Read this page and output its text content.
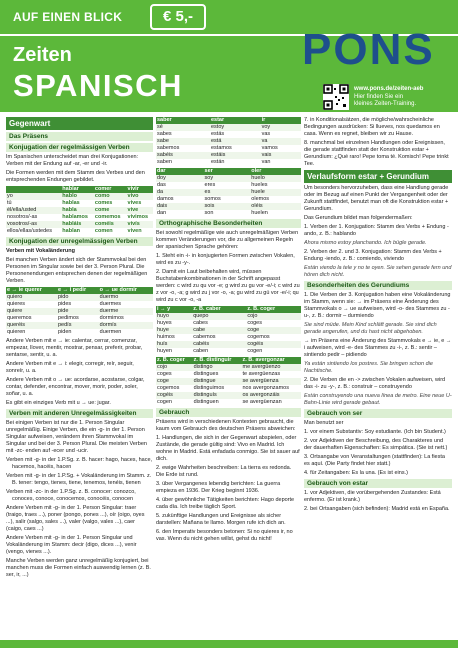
AUF EINEN BLICK	€ 5,-
Zeiten
SPANISCH
PONS
www.pons.de/zeiten-aeb
Hier finden Sie ein
kleines Zeiten-Training.
Gegenwart
Das Präsens
Konjugation der regelmässigen Verben
Im Spanischen unterscheidet man drei Konjugationen: Verben mit der Endung auf -ar, -er und -ir.
Die Formen werden mit dem Stamm des Verbes und den entsprechenden Endungen gebildet.
	hablar	comer	vivir
yo	hablo	como	vivo
tú	hablas	comes	vives
él/ella/usted	habla	come	vive
nosotros/-as	hablamos	comemos	vivimos
vosotros/-as	habláis	coméis	vivís
ellos/ellas/ustedes	hablan	comen	viven
Konjugation der unregelmässigen Verben
Verben mit Vokaländerung
Bei manchen Verben ändert sich der Stammvokal bei den Personen im Singular sowie bei der 3. Person Plural. Die Personenendungen entsprechen denen der regelmäßigen Verben.
e → ie querer	e → i pedir	o → ue dormir
quiero	pido	duermo
quieres	pides	duermes
quiere	pide	duerme
queremos	pedimos	dormimos
queréis	pedís	dormís
quieren	piden	duermen
Andere Verben mit e → ie: calentar, cerrar, comenzar, empezar, llover, mentir, mostrar, pensar, preferir, probar, sentarse, sentir, u. a.
Andere Verben mit e → i: elegir, corregir, reír, seguir, sonreír, u. a.
Andere Verben mit o → ue: acordarse, acostarse, colgar, contar, defender, encontrar, mover, morir, poder, soler, soñar, u. a.
Es gibt ein einziges Verb mit u → ue: jugar.
Verben mit anderen Unregelmässigkeiten
Bei einigen Verben ist nur die 1. Person Singular unregelmäßig. Einige Verben, die ein -g- in der 1. Person Singular aufweisen, verändern ihren Stammvokal im Singular und bei der 3. Person Plural. Die meisten Verben mit -zc- enden auf -ecer und -ucir.
Verben mit -g- in der 1.P.Sg. z. B. hacer: hago, haces, hace, hacemos, hacéis, hacen
Verben mit -g- in der 1.P.Sg. + Vokaländerung im Stamm. z. B. tener: tengo, tienes, tiene, tenemos, tenéis, tienen
Verben mit -zc- in der 1.P.Sg. z. B. conocer: conozco, conoces, conoce, conocemos, conocéis, conocen
Andere Verben mit -g- in der 1. Person Singular: traer (traigo, traes ...), poner (pongo, pones ...), oír (oigo, oyes ...), salir (salgo, sales ...), valer (valgo, vales ...), caer (caigo, caes ...)
Andere Verben mit -g- in der 1. Person Singular und Vokaländerung im Stamm: decir (digo, dices ...), venir (vengo, vienes ...).
Manche Verben werden ganz unregelmäßig konjugiert, bei manchen muss die Formen einfach auswendig lernen (z. B. ser, ir, ...)
saber	estar	ir
sé	estoy	voy
sabes	estás	vas
sabe	está	va
sabemos	estamos	vamos
sabéis	estáis	vais
saben	están	van
dar	ser	oler
doy	soy	huelo
das	eres	hueles
da	es	huele
damos	somos	olemos
dais	sois	oléis
dan	son	huelen
Orthographische Besonderheiten
Bei sowohl regelmäßige wie auch unregelmäßigen Verben kommen Veränderungen vor, die zu allgemeinen Regeln der spanischen Sprache gehören:
1. Steht ein -i- in konjugierten Formen zwischen Vokalen, wird es zu -y-.
2. Damit ein Laut beibehalten wird, müssen Buchstabenkombinationen in der Schrift angepasst werden: c wird zu qu vor -e; g wird zu gu vor -e/-i; c wird zu z vor -o, -a; g wird zu j vor -o, -a; gu wird zu gü vor -e/-i; qu wird zu c vor -o, -a
i → y	z. B. caber	z. B. coger
huyo	quepo	cojo
huyes	cabes	coges
huye	cabe	coge
huimos	cabemos	cogemos
huís	cabéis	cogéis
huyen	caben	cogen
z. B. coger	z. B. distinguir	z. B. avergonzar
cojo	distingo	me avergüenzo
coges	distingues	te avergüenzas
coge	distingue	se avergüenza
cogemos	distinguimos	nos avergonzamos
cogéis	distinguís	os avergonzáis
cogen	distinguen	se avergüenzan
Gebrauch
Präsens wird in verschiedenen Kontexten gebraucht, die kaum vom Gebrauch des deutschen Präsens abweichen:
1. Handlungen, die sich in der Gegenwart abspielen, oder Zustände, die gerade gültig sind: Vivo en Madrid. Ich wohne in Madrid. Está enfadada conmigo. Sie ist sauer auf dich.
2. ewige Wahrheiten beschreiben: La tierra es redonda. Die Erde ist rund.
3. über Vergangenes lebendig berichten: La guerra empieza en 1936. Der Krieg beginnt 1936.
4. über gewöhnliche Tätigkeiten berichten: Hago deporte cada día. Ich treibe täglich Sport.
5. zukünftige Handlungen und Ereignisse als sicher darstellen: Mañana te llamo. Morgen rufe ich dich an.
6. den Imperativ besonders betonen: Si no quieres ir, no vas. Wenn du nicht gehen willst, gehst du nicht!
7. in Konditionalsätzen, die mögliche/wahrscheinliche Bedingungen ausdrücken: Si llueves, nos quedamos en casa. Wenn es regnet, bleiben wir zu Hause.
8. manchmal bei einzelnen Handlungen oder Ereignissen, die gerade stattfinden statt der Konstruktion estar + Gerundium: ¿Qué raro! Pepe toma té. Komisch! Pepe trinkt Tee.
Verlaufsform estar + Gerundium
Um besonders hervorzuheben, dass eine Handlung gerade oder im Bezug auf einen Punkt der Vergangenheit oder der Zukunft stattfindet, benutzt man oft die Konstruktion estar + Gerundium.
Das Gerundium bildet man folgendermaßen:
1. Verben der 1. Konjugation: Stamm des Verbs + Endung -ando, z. B.: hablando
Ahora mismo estoy planchando. Ich bügle gerade.
2. Verben der 2. und 3. Konjugation: Stamm des Verbs + Endung -iendo, z. B.: comiendo, viviendo
Están viendo la tele y no te oyen. Sie sehen gerade fern und hören dich nicht.
Besonderheiten des Gerundiums
1. Die Verben der 3. Konjugation haben eine Vokaländerung im Stamm, wenn sie: → im Präsens eine Änderung des Stammvokals o → ue aufweisen, wird -o- des Stammes zu -u-, z. B.: dormir – durmiendo
Sie sind müde. Mein Kind schläft gerade. Sie sind dich gerade angerufen, und du hast nicht abgehoben.
→ im Präsens eine Änderung des Stammvokals e → ie, e → i aufweisen, wird -e- des Stammes zu -i-, z. B.: sentir – sintiendo pedir – pidiendo
Ya están sintiendo los postres. Sie bringen schon die Nachtische.
2. Die Verben die en -> zwischen Vokalen aufweisen, wird das -i- zu -y-, z. B.: construir – construyendo
Están construyendo una nueva línea de metro. Eine neue U-Bahn-Linie wird gerade gebaut.
Gebrauch von ser
Man benutzt ser
1. vor einem Substantiv: Soy estudiante. (Ich bin Student.)
2. vor Adjektiven der Beschreibung, des Charakteres und der dauerhaften Eigenschaften: Es simpática. (Sie ist nett.)
3. Ortsangabe von Veranstaltungen (stattfinden): La fiesta es aquí. (Die Party findet hier statt.)
4. für Zeitangaben: Es la una. (Es ist eins.)
Gebrauch von estar
1. vor Adjektiven, die vorübergehenden Zustandes: Está enfermo. (Er ist krank.)
2. bei Ortsangaben (sich befinden): Madrid está en España.
